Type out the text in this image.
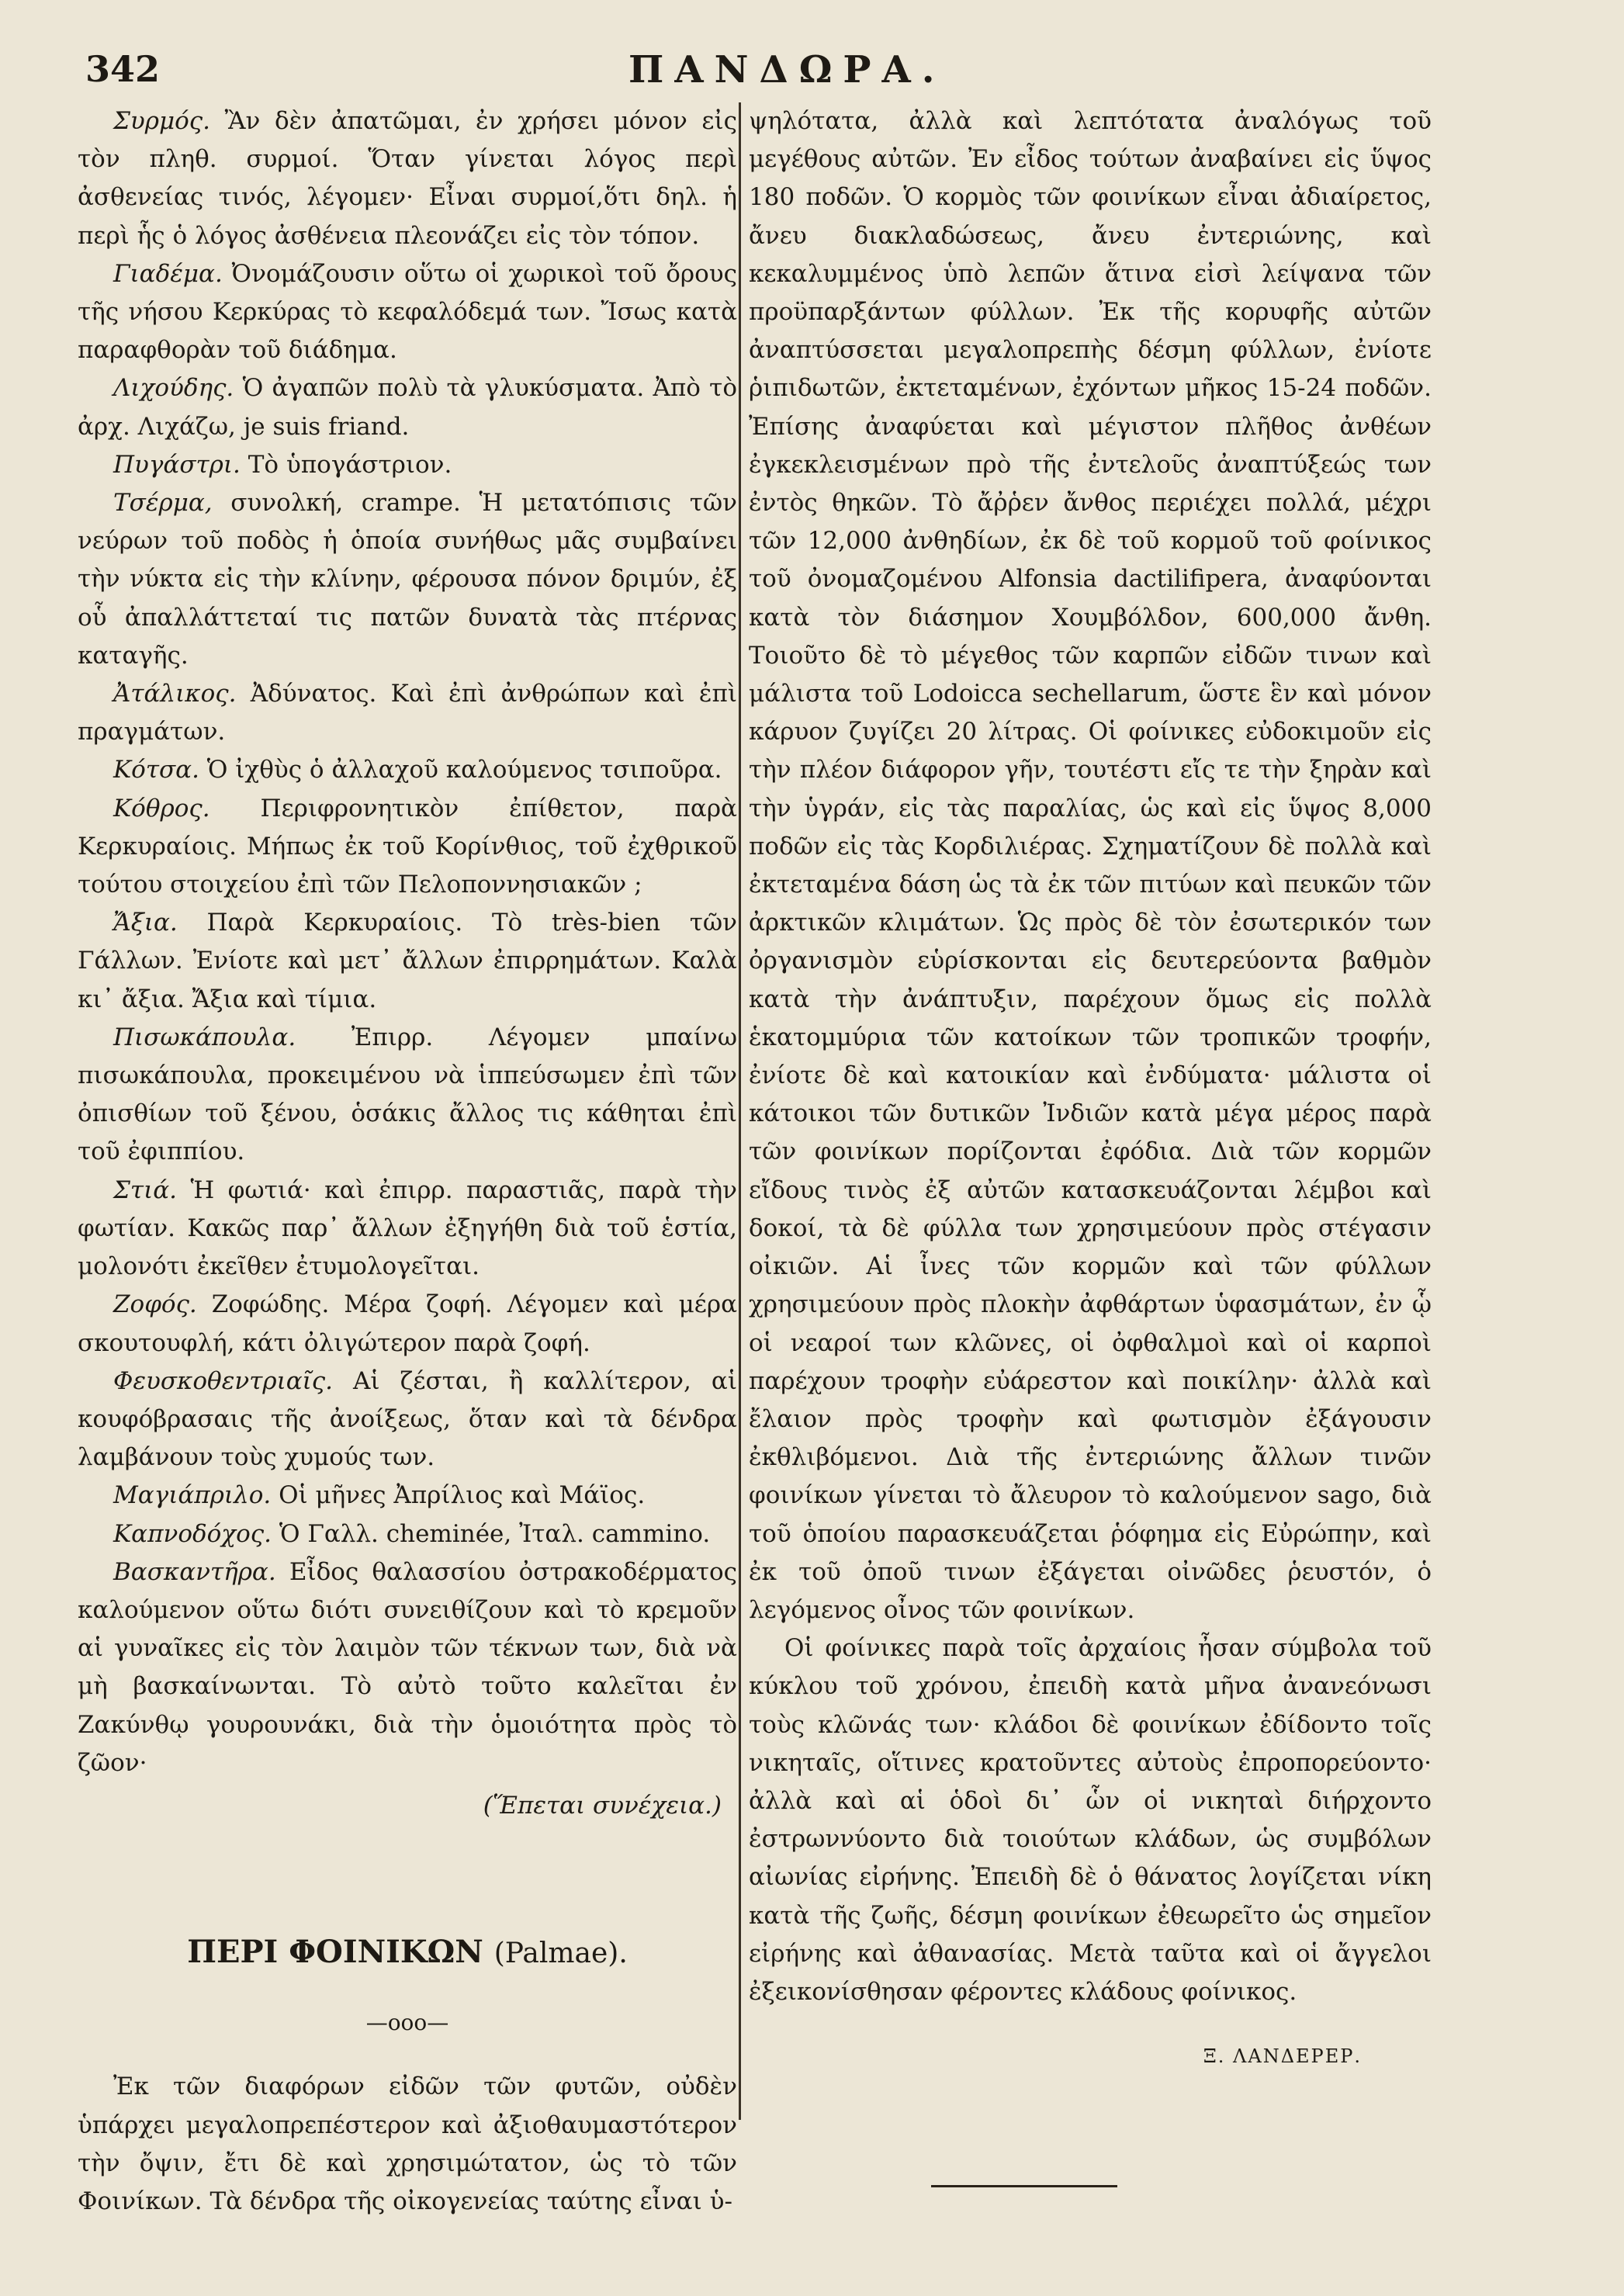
342	ΠΑΝΔΩΡΑ.

Συρμός. Ἂν δὲν ἀπατῶμαι, ἐν χρήσει μόνον εἰς τὸν πληθ. συρμοί. Ὅταν γίνεται λόγος περὶ ἀσθενείας τινός, λέγομεν· Εἶναι συρμοί,ὅτι δηλ. ἡ περὶ ἧς ὁ λόγος ἀσθένεια πλεονάζει εἰς τὸν τόπον.

Γιαδέμα. Ὀνομάζουσιν οὕτω οἱ χωρικοὶ τοῦ ὄρους τῆς νήσου Κερκύρας τὸ κεφαλόδεμά των. Ἴσως κατὰ παραφθορὰν τοῦ διάδημα.

Λιχούδης. Ὁ ἀγαπῶν πολὺ τὰ γλυκύσματα. Ἀπὸ τὸ ἀρχ. Λιχάζω, je suis friand.

Πυγάστρι. Τὸ ὑπογάστριον.

Τσέρμα, συνολκή, crampe. Ἡ μετατόπισις τῶν νεύρων τοῦ ποδὸς ἡ ὁποία συνήθως μᾶς συμβαίνει τὴν νύκτα εἰς τὴν κλίνην, φέρουσα πόνον δριμύν, ἐξ οὗ ἀπαλλάττεταί τις πατῶν δυνατὰ τὰς πτέρνας καταγῆς.

Ἀτάλικος. Ἀδύνατος. Καὶ ἐπὶ ἀνθρώπων καὶ ἐπὶ πραγμάτων.

Κότσα. Ὁ ἰχθὺς ὁ ἀλλαχοῦ καλούμενος τσιποῦρα.

Κόθρος. Περιφρονητικὸν ἐπίθετον, παρὰ Κερκυραίοις. Μήπως ἐκ τοῦ Κορίνθιος, τοῦ ἐχθρικοῦ τούτου στοιχείου ἐπὶ τῶν Πελοποννησιακῶν ;

Ἄξια. Παρὰ Κερκυραίοις. Τὸ très-bien τῶν Γάλλων. Ἐνίοτε καὶ μετ᾽ ἄλλων ἐπιρρημάτων. Καλὰ κι᾽ ἄξια. Ἄξια καὶ τίμια.

Πισωκάπουλα. Ἐπιρρ. Λέγομεν μπαίνω πισωκάπουλα, προκειμένου νὰ ἱππεύσωμεν ἐπὶ τῶν ὀπισθίων τοῦ ξένου, ὁσάκις ἄλλος τις κάθηται ἐπὶ τοῦ ἐφιππίου.

Στιά. Ἡ φωτιά· καὶ ἐπιρρ. παραστιᾶς, παρὰ τὴν φωτίαν. Κακῶς παρ᾽ ἄλλων ἐξηγήθη διὰ τοῦ ἑστία, μολονότι ἐκεῖθεν ἐτυμολογεῖται.

Ζοφός. Ζοφώδης. Μέρα ζοφή. Λέγομεν καὶ μέρα σκουτουφλή, κάτι ὀλιγώτερον παρὰ ζοφή.

Φευσκοθεντριαῖς. Αἱ ζέσται, ἢ καλλίτερον, αἱ κουφόβρασαις τῆς ἀνοίξεως, ὅταν καὶ τὰ δένδρα λαμβάνουν τοὺς χυμούς των.

Μαγιάπριλο. Οἱ μῆνες Ἀπρίλιος καὶ Μάϊος.

Καπνοδόχος. Ὁ Γαλλ. cheminée, Ἰταλ. cammino.

Βασκαντῆρα. Εἶδος θαλασσίου ὀστρακοδέρματος καλούμενον οὕτω διότι συνειθίζουν καὶ τὸ κρεμοῦν αἱ γυναῖκες εἰς τὸν λαιμὸν τῶν τέκνων των, διὰ νὰ μὴ βασκαίνωνται. Τὸ αὐτὸ τοῦτο καλεῖται ἐν Ζακύνθῳ γουρουνάκι, διὰ τὴν ὁμοιότητα πρὸς τὸ ζῶον·

(Ἕπεται συνέχεια.)

ΠΕΡΙ ΦΟΙΝΙΚΩΝ (Palmae).

—ooo—

Ἐκ τῶν διαφόρων εἰδῶν τῶν φυτῶν, οὐδὲν ὑπάρχει μεγαλοπρεπέστερον καὶ ἀξιοθαυμαστότερον τὴν ὄψιν, ἔτι δὲ καὶ χρησιμώτατον, ὡς τὸ τῶν Φοινίκων. Τὰ δένδρα τῆς οἰκογενείας ταύτης εἶναι ὑ-

ψηλότατα, ἀλλὰ καὶ λεπτότατα ἀναλόγως τοῦ μεγέθους αὐτῶν. Ἐν εἶδος τούτων ἀναβαίνει εἰς ὕψος 180 ποδῶν. Ὁ κορμὸς τῶν φοινίκων εἶναι ἀδιαίρετος, ἄνευ διακλαδώσεως, ἄνευ ἐντεριώνης, καὶ κεκαλυμμένος ὑπὸ λεπῶν ἅτινα εἰσὶ λείψανα τῶν προϋπαρξάντων φύλλων. Ἐκ τῆς κορυφῆς αὐτῶν ἀναπτύσσεται μεγαλοπρεπὴς δέσμη φύλλων, ἐνίοτε ῥιπιδωτῶν, ἐκτεταμένων, ἐχόντων μῆκος 15-24 ποδῶν. Ἐπίσης ἀναφύεται καὶ μέγιστον πλῆθος ἀνθέων ἐγκεκλεισμένων πρὸ τῆς ἐντελοῦς ἀναπτύξεώς των ἐντὸς θηκῶν. Τὸ ἄῤῥεν ἄνθος περιέχει πολλά, μέχρι τῶν 12,000 ἀνθηδίων, ἐκ δὲ τοῦ κορμοῦ τοῦ φοίνικος τοῦ ὀνομαζομένου Alfonsia dactilifipera, ἀναφύονται κατὰ τὸν διάσημον Χουμβόλδον, 600,000 ἄνθη. Τοιοῦτο δὲ τὸ μέγεθος τῶν καρπῶν εἰδῶν τινων καὶ μάλιστα τοῦ Lodoicca sechellarum, ὥστε ἓν καὶ μόνον κάρυον ζυγίζει 20 λίτρας. Οἱ φοίνικες εὐδοκιμοῦν εἰς τὴν πλέον διάφορον γῆν, τουτέστι εἴς τε τὴν ξηρὰν καὶ τὴν ὑγράν, εἰς τὰς παραλίας, ὡς καὶ εἰς ὕψος 8,000 ποδῶν εἰς τὰς Κορδιλιέρας. Σχηματίζουν δὲ πολλὰ καὶ ἐκτεταμένα δάση ὡς τὰ ἐκ τῶν πιτύων καὶ πευκῶν τῶν ἀρκτικῶν κλιμάτων. Ὡς πρὸς δὲ τὸν ἐσωτερικόν των ὀργανισμὸν εὑρίσκονται εἰς δευτερεύοντα βαθμὸν κατὰ τὴν ἀνάπτυξιν, παρέχουν ὅμως εἰς πολλὰ ἑκατομμύρια τῶν κατοίκων τῶν τροπικῶν τροφήν, ἐνίοτε δὲ καὶ κατοικίαν καὶ ἐνδύματα· μάλιστα οἱ κάτοικοι τῶν δυτικῶν Ἰνδιῶν κατὰ μέγα μέρος παρὰ τῶν φοινίκων πορίζονται ἐφόδια. Διὰ τῶν κορμῶν εἴδους τινὸς ἐξ αὐτῶν κατασκευάζονται λέμβοι καὶ δοκοί, τὰ δὲ φύλλα των χρησιμεύουν πρὸς στέγασιν οἰκιῶν. Αἱ ἶνες τῶν κορμῶν καὶ τῶν φύλλων χρησιμεύουν πρὸς πλοκὴν ἀφθάρτων ὑφασμάτων, ἐν ᾧ οἱ νεαροί των κλῶνες, οἱ ὀφθαλμοὶ καὶ οἱ καρποὶ παρέχουν τροφὴν εὐάρεστον καὶ ποικίλην· ἀλλὰ καὶ ἔλαιον πρὸς τροφὴν καὶ φωτισμὸν ἐξάγουσιν ἐκθλιβόμενοι. Διὰ τῆς ἐντεριώνης ἄλλων τινῶν φοινίκων γίνεται τὸ ἄλευρον τὸ καλούμενον sago, διὰ τοῦ ὁποίου παρασκευάζεται ῥόφημα εἰς Εὐρώπην, καὶ ἐκ τοῦ ὀποῦ τινων ἐξάγεται οἰνῶδες ῥευστόν, ὁ λεγόμενος οἶνος τῶν φοινίκων.

Οἱ φοίνικες παρὰ τοῖς ἀρχαίοις ἦσαν σύμβολα τοῦ κύκλου τοῦ χρόνου, ἐπειδὴ κατὰ μῆνα ἀνανεόνωσι τοὺς κλῶνάς των· κλάδοι δὲ φοινίκων ἐδίδοντο τοῖς νικηταῖς, οἵτινες κρατοῦντες αὐτοὺς ἐπροπορεύοντο· ἀλλὰ καὶ αἱ ὁδοὶ δι᾽ ὧν οἱ νικηταὶ διήρχοντο ἐστρωννύοντο διὰ τοιούτων κλάδων, ὡς συμβόλων αἰωνίας εἰρήνης. Ἐπειδὴ δὲ ὁ θάνατος λογίζεται νίκη κατὰ τῆς ζωῆς, δέσμη φοινίκων ἐθεωρεῖτο ὡς σημεῖον εἰρήνης καὶ ἀθανασίας. Μετὰ ταῦτα καὶ οἱ ἄγγελοι ἐξεικονίσθησαν φέροντες κλάδους φοίνικος.

Ξ. ΛΑΝΔΕΡΕΡ.
